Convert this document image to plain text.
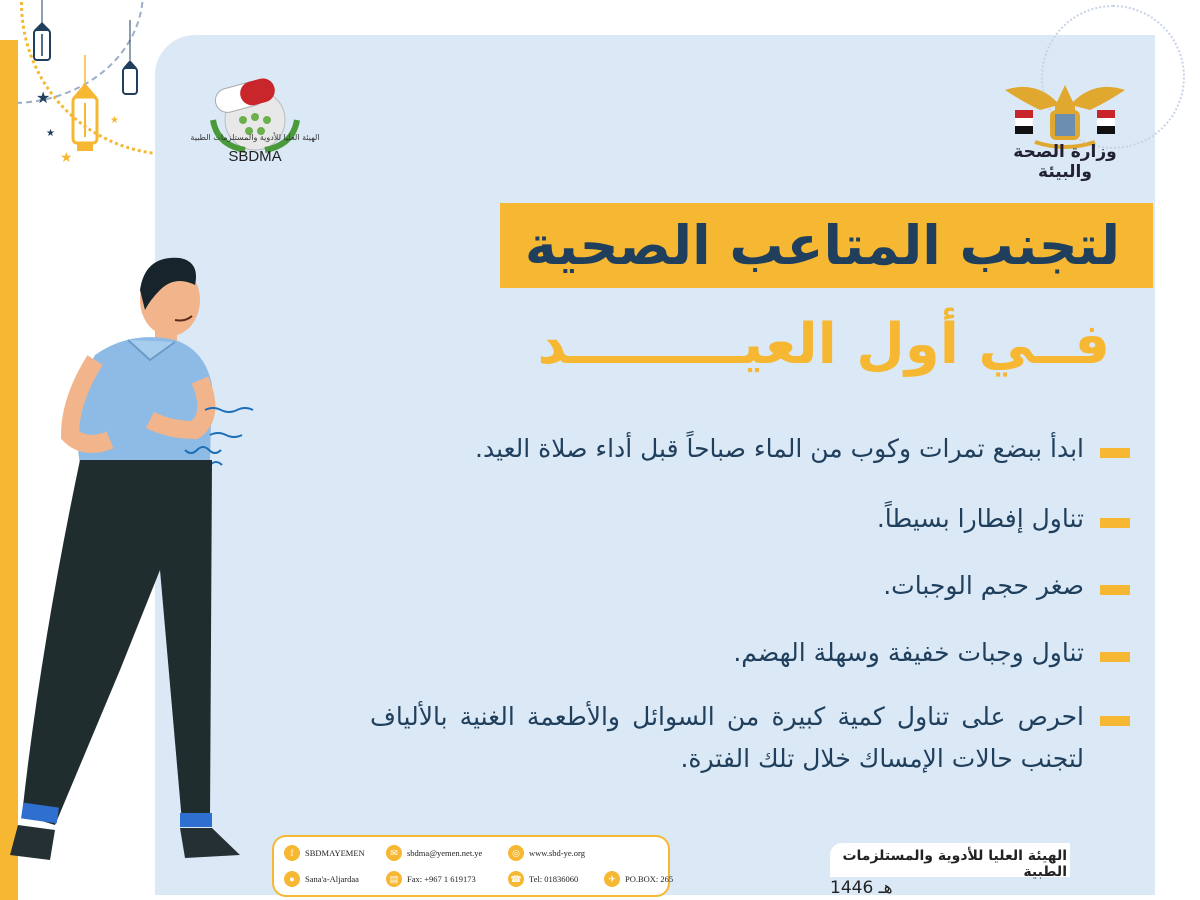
★
★
★
★
وزارة الصحة والبيئة
الهيئة العليا للأدوية والمستلزمات الطبية
SBDMA
لتجنب المتاعب الصحية
فــي أول العيـــــــــد
ابدأ ببضع تمرات وكوب من الماء صباحاً قبل أداء صلاة العيد.
تناول إفطارا بسيطاً.
صغر حجم الوجبات.
تناول وجبات خفيفة وسهلة الهضم.
احرص على تناول كمية كبيرة من السوائل والأطعمة الغنية بالألياف لتجنب حالات الإمساك خلال تلك الفترة.
f	SBDMAYEMEN	✉	sbdma@yemen.net.ye	◎	www.sbd-ye.org
●	Sana'a-Aljardaa	▤	Fax: +967 1 619173	☎ Tel: 01836060	✈	PO.BOX: 265
الهيئة العليا للأدوية والمستلزمات الطبية
1446 هـ
